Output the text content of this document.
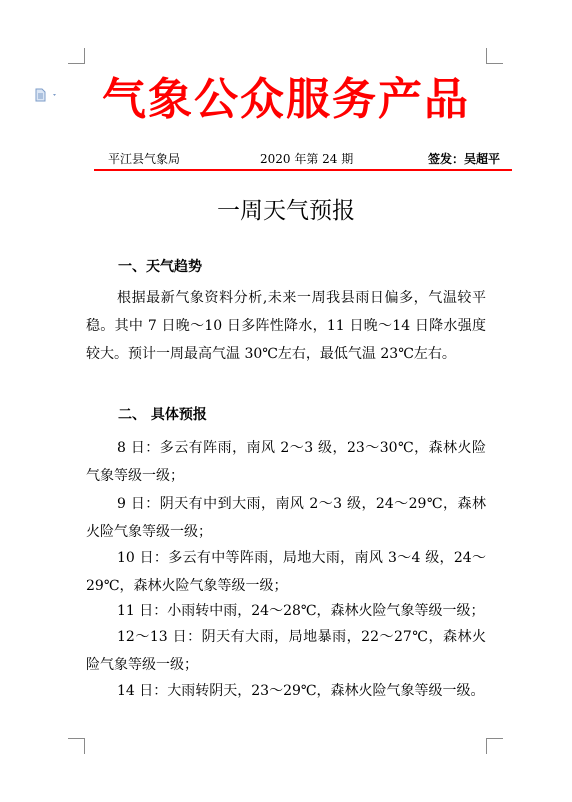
气象公众服务产品
平江县气象局	2020 年第 24 期	签发：吴超平
一周天气预报
一、天气趋势
根据最新气象资料分析,未来一周我县雨日偏多，气温较平稳。其中 7 日晚～10 日多阵性降水，11 日晚～14 日降水强度较大。预计一周最高气温 30℃左右，最低气温 23℃左右。
二、 具体预报
8 日：多云有阵雨，南风 2～3 级，23～30℃，森林火险气象等级一级；
9 日：阴天有中到大雨，南风 2～3 级，24～29℃，森林火险气象等级一级；
10 日：多云有中等阵雨，局地大雨，南风 3～4 级，24～29℃，森林火险气象等级一级；
11 日：小雨转中雨，24～28℃，森林火险气象等级一级；
12～13 日：阴天有大雨，局地暴雨，22～27℃，森林火险气象等级一级；
14 日：大雨转阴天，23～29℃，森林火险气象等级一级。
